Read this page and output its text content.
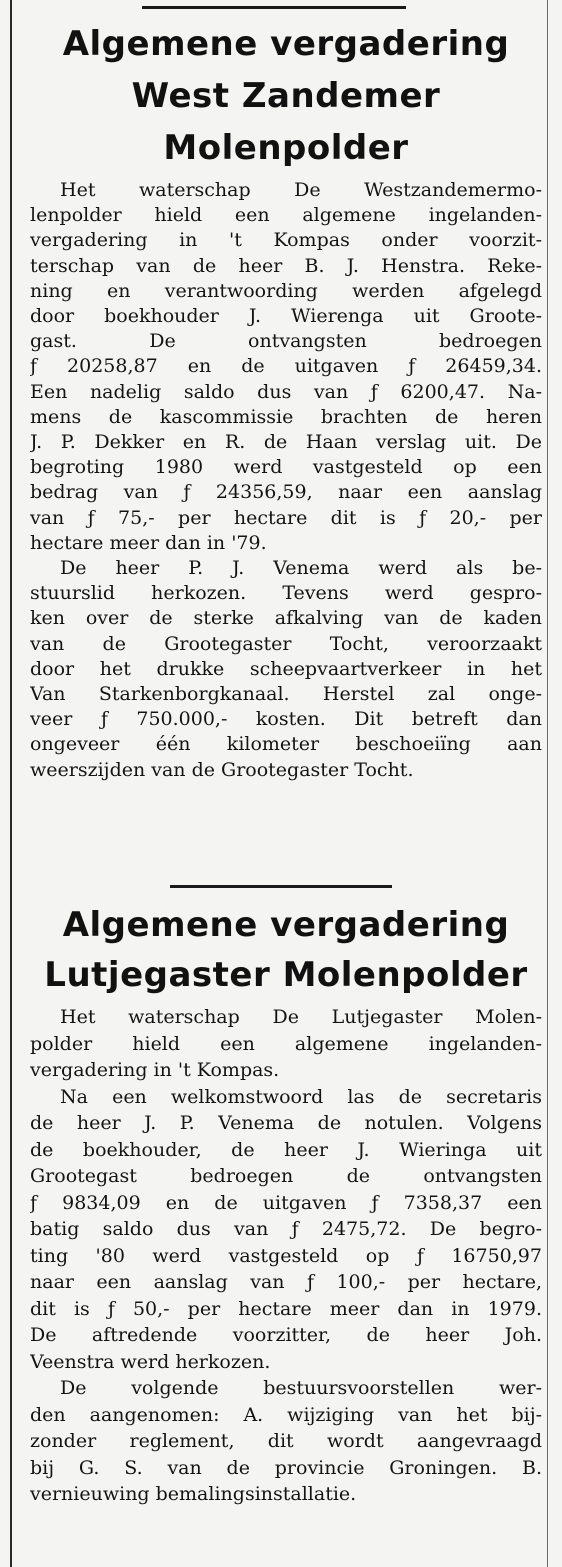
Algemene vergadering
West Zandemer
Molenpolder

Het waterschap De Westzandemermo-
lenpolder hield een algemene ingelanden-
vergadering in 't Kompas onder voorzit-
terschap van de heer B. J. Henstra. Reke-
ning en verantwoording werden afgelegd
door boekhouder J. Wierenga uit Groote-
gast. De ontvangsten bedroegen
ƒ 20258,87 en de uitgaven ƒ 26459,34.
Een nadelig saldo dus van ƒ 6200,47. Na-
mens de kascommissie brachten de heren
J. P. Dekker en R. de Haan verslag uit. De
begroting 1980 werd vastgesteld op een
bedrag van ƒ 24356,59, naar een aanslag
van ƒ 75,- per hectare dit is ƒ 20,- per
hectare meer dan in '79.

De heer P. J. Venema werd als be-
stuurslid herkozen. Tevens werd gespro-
ken over de sterke afkalving van de kaden
van de Grootegaster Tocht, veroorzaakt
door het drukke scheepvaartverkeer in het
Van Starkenborgkanaal. Herstel zal onge-
veer ƒ 750.000,- kosten. Dit betreft dan
ongeveer één kilometer beschoeiïng aan
weerszijden van de Grootegaster Tocht.

Algemene vergadering
Lutjegaster Molenpolder

Het waterschap De Lutjegaster Molen-
polder hield een algemene ingelanden-
vergadering in 't Kompas.

Na een welkomstwoord las de secretaris
de heer J. P. Venema de notulen. Volgens
de boekhouder, de heer J. Wieringa uit
Grootegast bedroegen de ontvangsten
ƒ 9834,09 en de uitgaven ƒ 7358,37 een
batig saldo dus van ƒ 2475,72. De begro-
ting '80 werd vastgesteld op ƒ 16750,97
naar een aanslag van ƒ 100,- per hectare,
dit is ƒ 50,- per hectare meer dan in 1979.
De aftredende voorzitter, de heer Joh.
Veenstra werd herkozen.

De volgende bestuursvoorstellen wer-
den aangenomen: A. wijziging van het bij-
zonder reglement, dit wordt aangevraagd
bij G. S. van de provincie Groningen. B.
vernieuwing bemalingsinstallatie.
